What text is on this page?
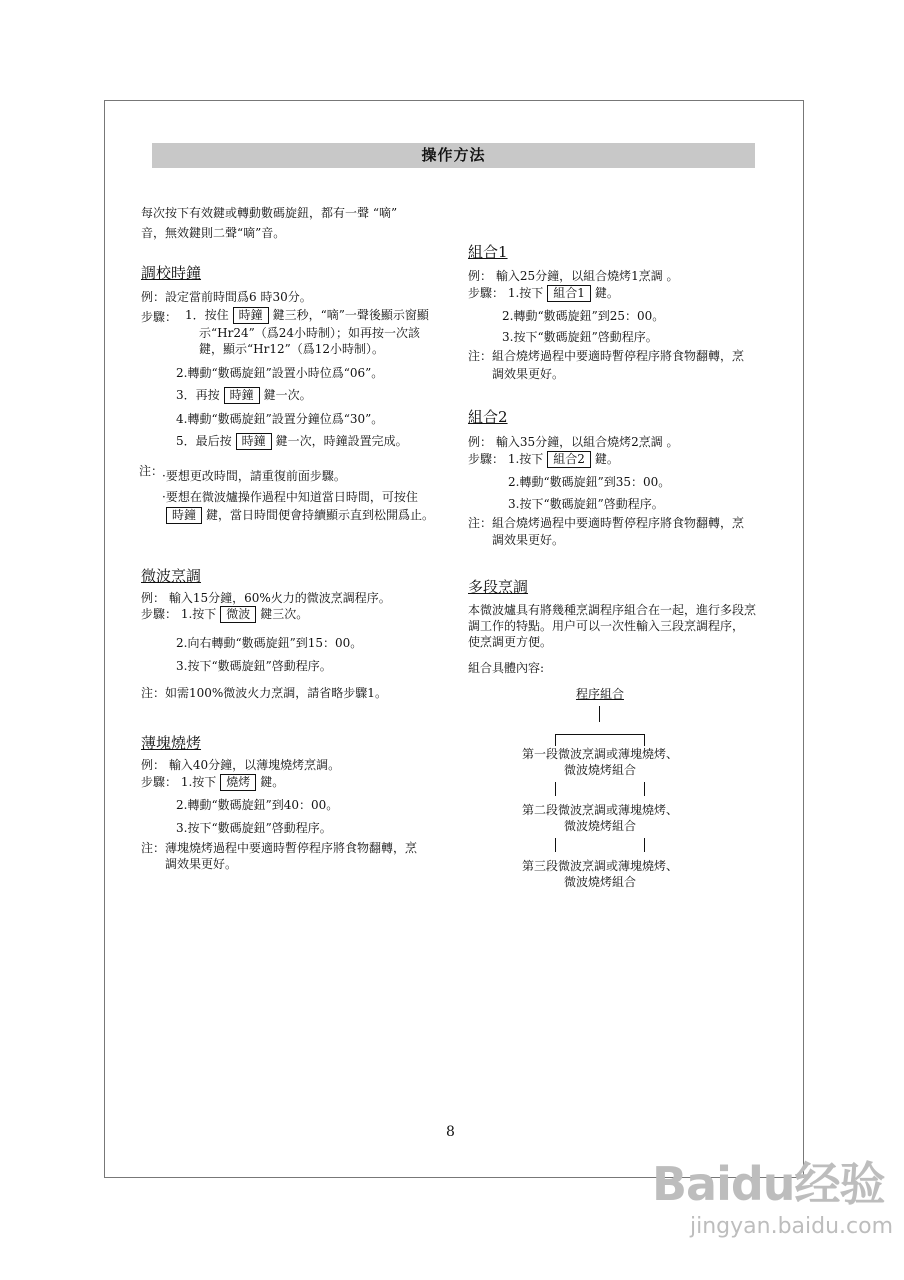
操作方法
每次按下有效鍵或轉動數碼旋鈕，都有一聲 “嘀”
音，無效鍵則二聲“嘀”音。
調校時鐘
例：設定當前時間爲6 時30分。
步驟： 1．按住 時鐘 鍵三秒，“嘀”一聲後顯示窗顯
示“Hr24”（爲24小時制）；如再按一次該
鍵，顯示“Hr12”（爲12小時制）。
2.轉動“數碼旋鈕”設置小時位爲“06”。
3．再按 時鐘 鍵一次。
4.轉動“數碼旋鈕”設置分鐘位爲“30”。
5．最后按 時鐘 鍵一次，時鐘設置完成。
注：
·要想更改時間，請重復前面步驟。
·要想在微波爐操作過程中知道當日時間，可按住
時鐘 鍵，當日時間便會持續顯示直到松開爲止。
微波烹調
例： 輸入15分鐘，60%火力的微波烹調程序。
步驟： 1.按下 微波 鍵三次。
2.向右轉動“數碼旋鈕”到15：00。
3.按下“數碼旋鈕”啓動程序。
注：如需100%微波火力烹調，請省略步驟1。
薄塊燒烤
例： 輸入40分鐘，以薄塊燒烤烹調。
步驟： 1.按下 燒烤 鍵。
2.轉動“數碼旋鈕”到40：00。
3.按下“數碼旋鈕”啓動程序。
注：薄塊燒烤過程中要適時暫停程序將食物翻轉，烹
調效果更好。
組合1
例： 輸入25分鐘，以組合燒烤1烹調 。
步驟： 1.按下 組合1 鍵。
2.轉動“數碼旋鈕”到25：00。
3.按下“數碼旋鈕”啓動程序。
注：組合燒烤過程中要適時暫停程序將食物翻轉，烹
調效果更好。
組合2
例： 輸入35分鐘，以組合燒烤2烹調 。
步驟： 1.按下 組合2 鍵。
2.轉動“數碼旋鈕”到35：00。
3.按下“數碼旋鈕”啓動程序。
注：組合燒烤過程中要適時暫停程序將食物翻轉，烹
調效果更好。
多段烹調
本微波爐具有將幾種烹調程序組合在一起，進行多段烹
調工作的特點。用户可以一次性輸入三段烹調程序，
使烹調更方便。
組合具體內容:
程序組合
第一段微波烹調或薄塊燒烤、
微波燒烤組合
第二段微波烹調或薄塊燒烤、
微波燒烤組合
第三段微波烹調或薄塊燒烤、
微波燒烤組合
8
Baidu经验
jingyan.baidu.com
